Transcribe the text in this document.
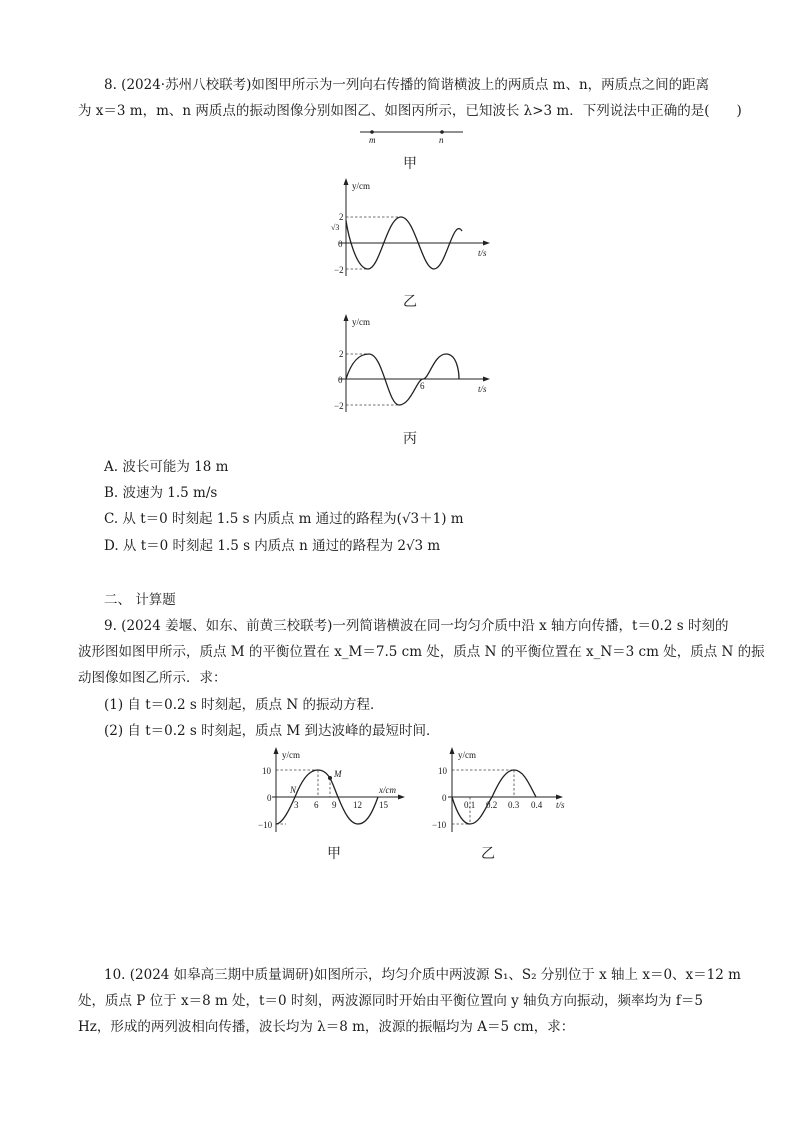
8. (2024·苏州八校联考)如图甲所示为一列向右传播的简谐横波上的两质点 m、n，两质点之间的距离
为 x＝3 m，m、n 两质点的振动图像分别如图乙、如图丙所示，已知波长 λ>3 m．下列说法中正确的是(　　)
m	n
甲
y/cm
t/s
2
√3
0
−2
乙
y/cm
t/s
2
0
−2
6
丙
A. 波长可能为 18 m
B. 波速为 1.5 m/s
C. 从 t＝0 时刻起 1.5 s 内质点 m 通过的路程为(√3＋1) m
D. 从 t＝0 时刻起 1.5 s 内质点 n 通过的路程为 2√3 m
二、 计算题
9. (2024 姜堰、如东、前黄三校联考)一列简谐横波在同一均匀介质中沿 x 轴方向传播，t＝0.2 s 时刻的
波形图如图甲所示，质点 M 的平衡位置在 x_M＝7.5 cm 处，质点 N 的平衡位置在 x_N＝3 cm 处，质点 N 的振
动图像如图乙所示．求：
(1) 自 t＝0.2 s 时刻起，质点 N 的振动方程．
(2) 自 t＝0.2 s 时刻起，质点 M 到达波峰的最短时间．
y/cm
x/cm
10
0
−10
3 6 9 12 15
N
M
甲
y/cm
t/s
10
0
−10
0.1 0.2 0.3 0.4
乙
10. (2024 如皋高三期中质量调研)如图所示，均匀介质中两波源 S₁、S₂ 分别位于 x 轴上 x＝0、x＝12 m
处，质点 P 位于 x＝8 m 处，t＝0 时刻，两波源同时开始由平衡位置向 y 轴负方向振动，频率均为 f＝5
Hz，形成的两列波相向传播，波长均为 λ＝8 m，波源的振幅均为 A＝5 cm，求：
